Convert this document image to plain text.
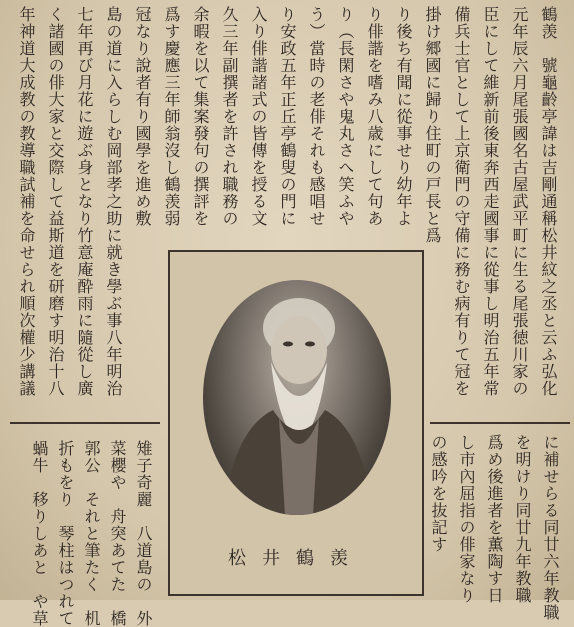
鶴羡　號龜齡亭諱は吉剛通稱松井紋之丞と云ふ弘化
元年辰六月尾張國名古屋武平町に生る尾張徳川家の
臣にして維新前後東奔西走國事に從事し明治五年常
備兵士官として上京衛門の守備に務む病有りて冠を
掛け郷國に歸り住町の戸長と爲
り後ち有聞に從事せり幼年よ
り俳諧を嗜み八歳にして句あ
り（長閑さや鬼丸さへ笑ふや
う）當時の老俳それも感唱せ
り安政五年正丘亭鶴叟の門に
入り俳諧諸式の皆傳を授る文
久三年副撰者を許され職務の
余暇を以て集案發句の撰評を
爲す慶應三年師翁沒し鶴羡弱
冠なり說者有り國學を進め敷
島の道に入らしむ岡部孝之助に就き學ぶ事八年明治
七年再び月花に遊ぶ身となり竹意庵酔雨に隨從し廣
く諸國の俳大家と交際して益斯道を研磨す明治十八
年神道大成教の教導職試補を命せられ順次權少講議
に補せらる同廿六年教職
を明けり同廿九年教職
爲め後進者を薫陶す日
し市內屈指の俳家なり
の感吟を抜記す
雉子奇麗　八道島の　外
菜櫻や　舟突あてた　橋
郭公　それと筆たく　机
折もをり　琴柱はつれて
蝸牛　移りしあと　や草	松井鶴羡
